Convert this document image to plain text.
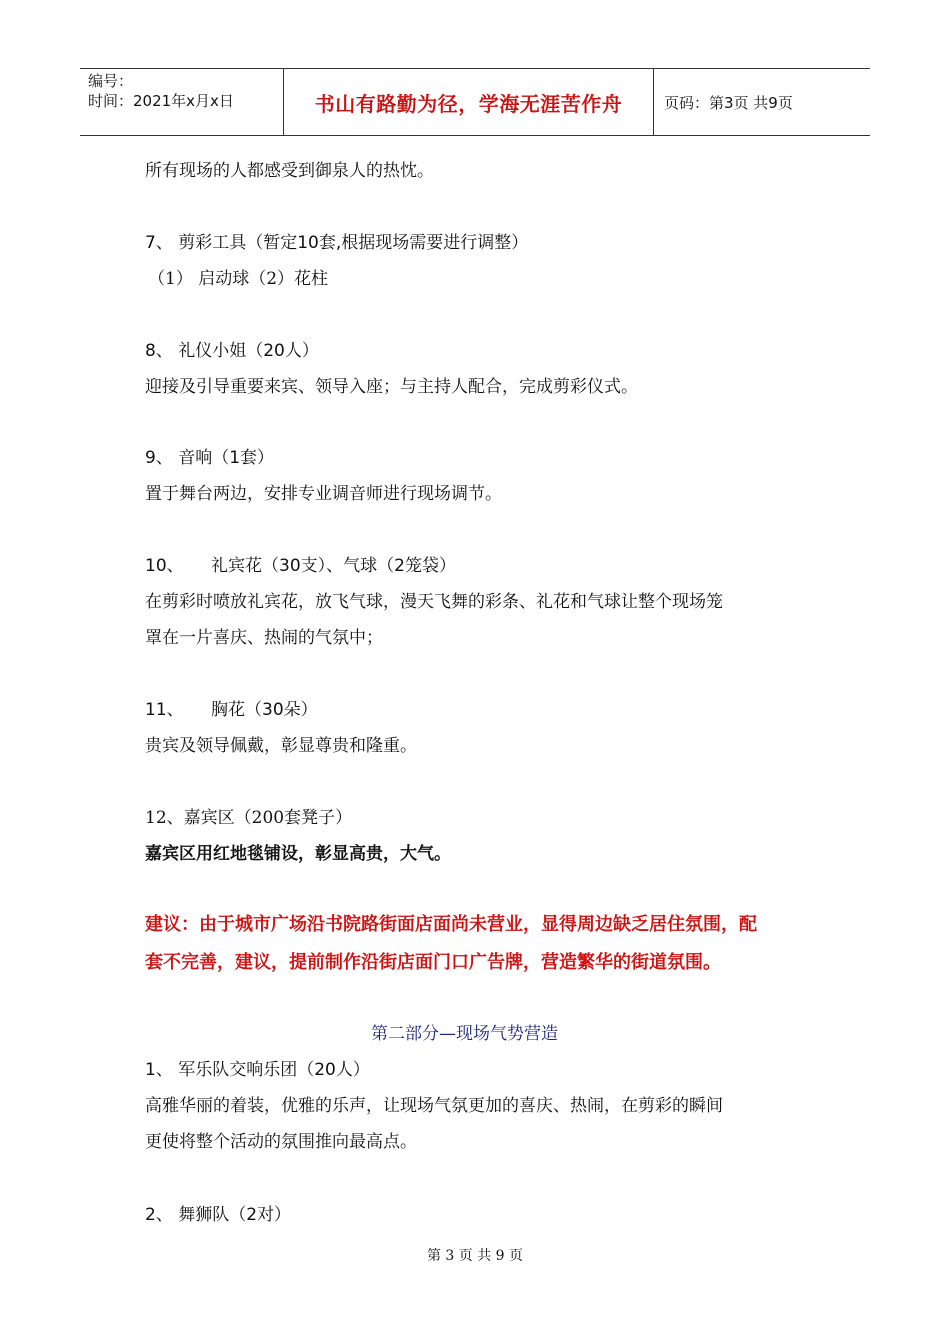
编号：
时间：2021年x月x日	书山有路勤为径，学海无涯苦作舟	页码：第3页 共9页
所有现场的人都感受到御泉人的热忱。
7、 剪彩工具（暂定10套,根据现场需要进行调整）
（1） 启动球（2）花柱
8、 礼仪小姐（20人）
迎接及引导重要来宾、领导入座；与主持人配合，完成剪彩仪式。
9、 音响（1套）
置于舞台两边，安排专业调音师进行现场调节。
10、 礼宾花（30支）、气球（2笼袋）
在剪彩时喷放礼宾花，放飞气球，漫天飞舞的彩条、礼花和气球让整个现场笼
罩在一片喜庆、热闹的气氛中；
11、 胸花（30朵）
贵宾及领导佩戴，彰显尊贵和隆重。
12、嘉宾区（200套凳子）
嘉宾区用红地毯铺设，彰显高贵，大气。
建议：由于城市广场沿书院路街面店面尚未营业，显得周边缺乏居住氛围，配
套不完善，建议，提前制作沿街店面门口广告牌，营造繁华的街道氛围。
第二部分—现场气势营造
1、 军乐队交响乐团（20人）
高雅华丽的着装，优雅的乐声，让现场气氛更加的喜庆、热闹，在剪彩的瞬间
更使将整个活动的氛围推向最高点。
2、 舞狮队（2对）
第 3 页 共 9 页
